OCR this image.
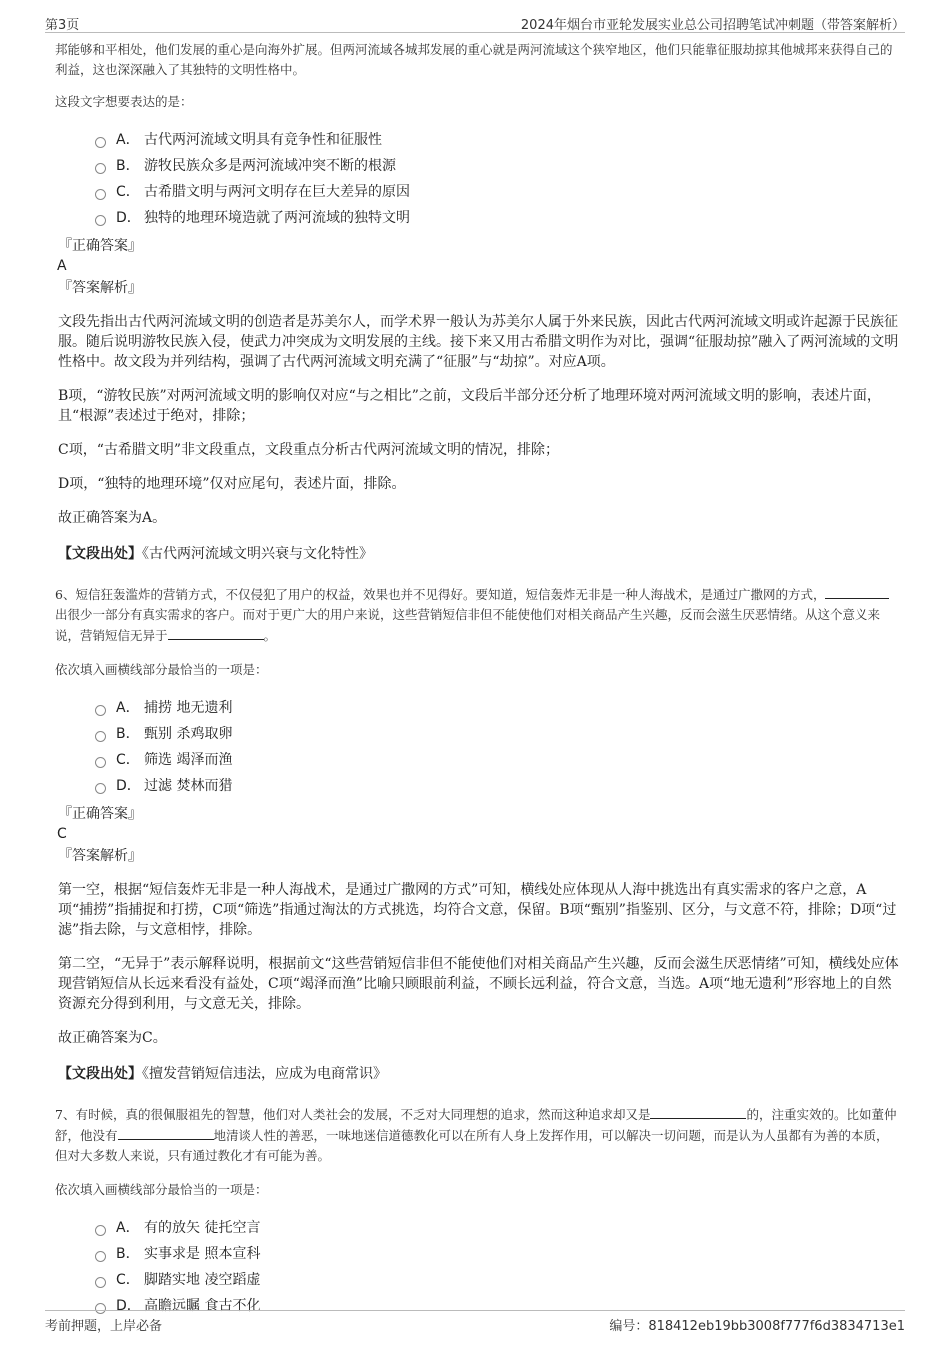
第3页	2024年烟台市亚轮发展实业总公司招聘笔试冲刺题（带答案解析）

邦能够和平相处，他们发展的重心是向海外扩展。但两河流域各城邦发展的重心就是两河流域这个狭窄地区，他们只能靠征服劫掠其他城邦来获得自己的利益，这也深深融入了其独特的文明性格中。

这段文字想要表达的是：

A． 古代两河流域文明具有竞争性和征服性
B． 游牧民族众多是两河流域冲突不断的根源
C． 古希腊文明与两河文明存在巨大差异的原因
D． 独特的地理环境造就了两河流域的独特文明

『正确答案』

A

『答案解析』

文段先指出古代两河流域文明的创造者是苏美尔人，而学术界一般认为苏美尔人属于外来民族，因此古代两河流域文明或许起源于民族征服。随后说明游牧民族入侵，使武力冲突成为文明发展的主线。接下来又用古希腊文明作为对比，强调“征服劫掠”融入了两河流域的文明性格中。故文段为并列结构，强调了古代两河流域文明充满了“征服”与“劫掠”。对应A项。

B项，“游牧民族”对两河流域文明的影响仅对应“与之相比”之前，文段后半部分还分析了地理环境对两河流域文明的影响，表述片面，且“根源”表述过于绝对，排除；

C项，“古希腊文明”非文段重点，文段重点分析古代两河流域文明的情况，排除；

D项，“独特的地理环境”仅对应尾句，表述片面，排除。

故正确答案为A。

【文段出处】《古代两河流域文明兴衰与文化特性》

6、短信狂轰滥炸的营销方式，不仅侵犯了用户的权益，效果也并不见得好。要知道，短信轰炸无非是一种人海战术，是通过广撒网的方式，出很少一部分有真实需求的客户。而对于更广大的用户来说，这些营销短信非但不能使他们对相关商品产生兴趣，反而会滋生厌恶情绪。从这个意义来说，营销短信无异于	。

依次填入画横线部分最恰当的一项是：

A． 捕捞 地无遗利
B． 甄别 杀鸡取卵
C． 筛选 竭泽而渔
D． 过滤 焚林而猎

『正确答案』

C

『答案解析』

第一空，根据“短信轰炸无非是一种人海战术，是通过广撒网的方式”可知，横线处应体现从人海中挑选出有真实需求的客户之意，A项“捕捞”指捕捉和打捞，C项“筛选”指通过淘汰的方式挑选，均符合文意，保留。B项“甄别”指鉴别、区分，与文意不符，排除；D项“过滤”指去除，与文意相悖，排除。

第二空，“无异于”表示解释说明，根据前文“这些营销短信非但不能使他们对相关商品产生兴趣，反而会滋生厌恶情绪”可知，横线处应体现营销短信从长远来看没有益处，C项“竭泽而渔”比喻只顾眼前利益，不顾长远利益，符合文意，当选。A项“地无遗利”形容地上的自然资源充分得到利用，与文意无关，排除。

故正确答案为C。

【文段出处】《擅发营销短信违法，应成为电商常识》

7、有时候，真的很佩服祖先的智慧，他们对人类社会的发展，不乏对大同理想的追求，然而这种追求却又是	的，注重实效的。比如董仲舒，他没有	地清谈人性的善恶，一味地迷信道德教化可以在所有人身上发挥作用，可以解决一切问题，而是认为人虽都有为善的本质，但对大多数人来说，只有通过教化才有可能为善。

依次填入画横线部分最恰当的一项是：

A． 有的放矢 徒托空言
B． 实事求是 照本宣科
C． 脚踏实地 凌空蹈虚
D． 高瞻远瞩 食古不化
考前押题，上岸必备	编号：818412eb19bb3008f777f6d3834713e1
